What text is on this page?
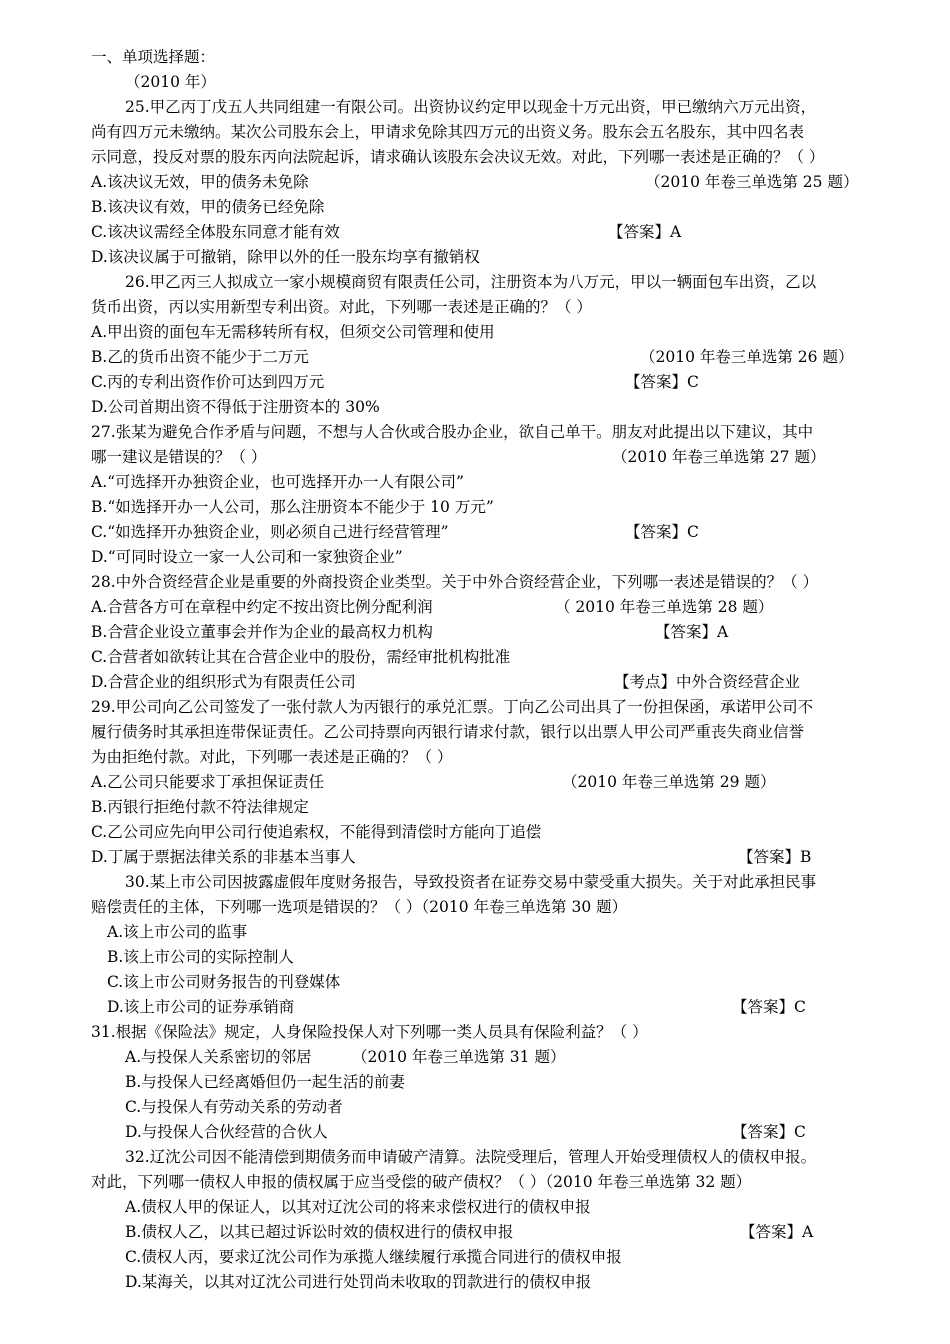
一、单项选择题：
（2010 年）
25.甲乙丙丁戊五人共同组建一有限公司。出资协议约定甲以现金十万元出资，甲已缴纳六万元出资，
尚有四万元未缴纳。某次公司股东会上，甲请求免除其四万元的出资义务。股东会五名股东，其中四名表
示同意，投反对票的股东丙向法院起诉，请求确认该股东会决议无效。对此，下列哪一表述是正确的？（ ）
A.该决议无效，甲的债务未免除	（2010 年卷三单选第 25 题）
B.该决议有效，甲的债务已经免除
C.该决议需经全体股东同意才能有效	【答案】A
D.该决议属于可撤销，除甲以外的任一股东均享有撤销权
26.甲乙丙三人拟成立一家小规模商贸有限责任公司，注册资本为八万元，甲以一辆面包车出资，乙以
货币出资，丙以实用新型专利出资。对此，下列哪一表述是正确的？（ ）
A.甲出资的面包车无需移转所有权，但须交公司管理和使用
B.乙的货币出资不能少于二万元	（2010 年卷三单选第 26 题）
C.丙的专利出资作价可达到四万元	【答案】C
D.公司首期出资不得低于注册资本的 30%
27.张某为避免合作矛盾与问题，不想与人合伙或合股办企业，欲自己单干。朋友对此提出以下建议，其中
哪一建议是错误的？（ ）	（2010 年卷三单选第 27 题）
A.“可选择开办独资企业，也可选择开办一人有限公司”
B.“如选择开办一人公司，那么注册资本不能少于 10 万元”
C.“如选择开办独资企业，则必须自己进行经营管理”	【答案】C
D.“可同时设立一家一人公司和一家独资企业”
28.中外合资经营企业是重要的外商投资企业类型。关于中外合资经营企业，下列哪一表述是错误的？（ ）
A.合营各方可在章程中约定不按出资比例分配利润	（ 2010 年卷三单选第 28 题）
B.合营企业设立董事会并作为企业的最高权力机构	【答案】A
C.合营者如欲转让其在合营企业中的股份，需经审批机构批准
D.合营企业的组织形式为有限责任公司	【考点】中外合资经营企业
29.甲公司向乙公司签发了一张付款人为丙银行的承兑汇票。丁向乙公司出具了一份担保函，承诺甲公司不
履行债务时其承担连带保证责任。乙公司持票向丙银行请求付款，银行以出票人甲公司严重丧失商业信誉
为由拒绝付款。对此，下列哪一表述是正确的？（ ）
A.乙公司只能要求丁承担保证责任	（2010 年卷三单选第 29 题）
B.丙银行拒绝付款不符法律规定
C.乙公司应先向甲公司行使追索权，不能得到清偿时方能向丁追偿
D.丁属于票据法律关系的非基本当事人	【答案】B
30.某上市公司因披露虚假年度财务报告，导致投资者在证券交易中蒙受重大损失。关于对此承担民事
赔偿责任的主体，下列哪一选项是错误的？（ ）（2010 年卷三单选第 30 题）
A.该上市公司的监事
B.该上市公司的实际控制人
C.该上市公司财务报告的刊登媒体
D.该上市公司的证券承销商	【答案】C
31.根据《保险法》规定，人身保险投保人对下列哪一类人员具有保险利益？（ ）
A.与投保人关系密切的邻居	（2010 年卷三单选第 31 题）
B.与投保人已经离婚但仍一起生活的前妻
C.与投保人有劳动关系的劳动者
D.与投保人合伙经营的合伙人	【答案】C
32.辽沈公司因不能清偿到期债务而申请破产清算。法院受理后，管理人开始受理债权人的债权申报。
对此，下列哪一债权人申报的债权属于应当受偿的破产债权？（ ）（2010 年卷三单选第 32 题）
A.债权人甲的保证人，以其对辽沈公司的将来求偿权进行的债权申报
B.债权人乙，以其已超过诉讼时效的债权进行的债权申报	【答案】A
C.债权人丙，要求辽沈公司作为承揽人继续履行承揽合同进行的债权申报
D.某海关，以其对辽沈公司进行处罚尚未收取的罚款进行的债权申报
